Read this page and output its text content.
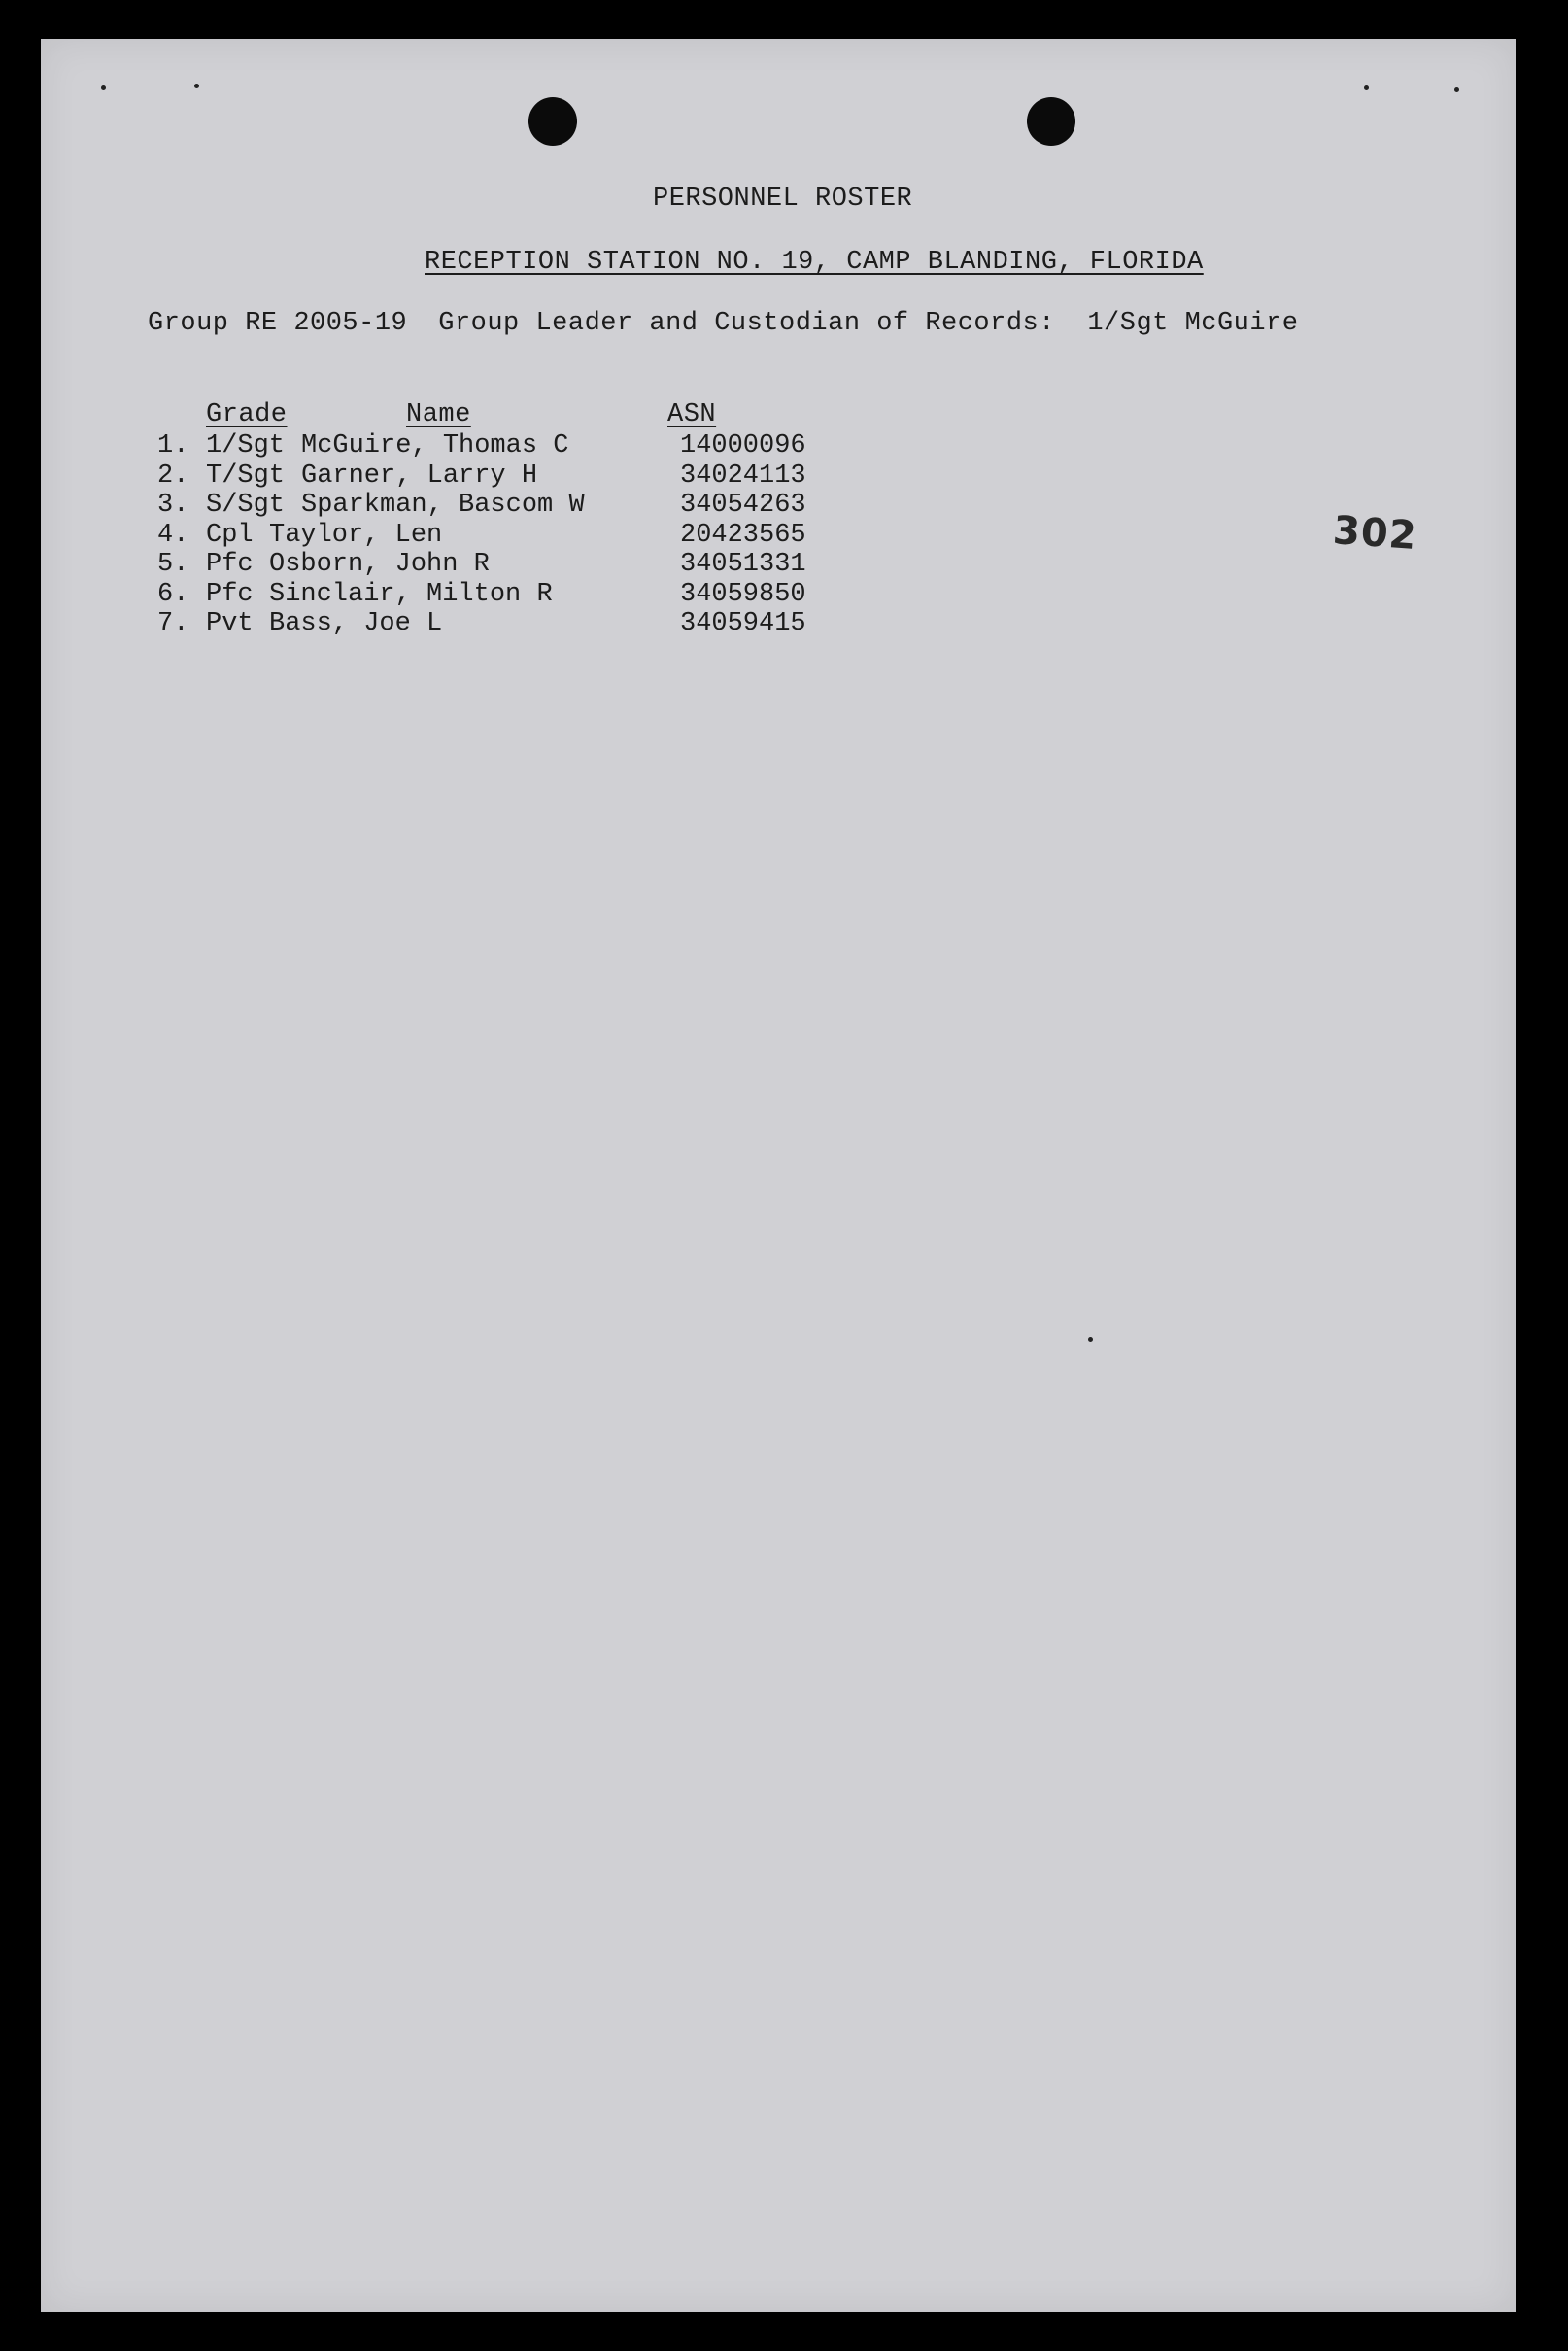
PERSONNEL ROSTER
RECEPTION STATION NO. 19, CAMP BLANDING, FLORIDA
Group RE 2005-19 Group Leader and Custodian of Records:  1/Sgt McGuire
Grade	Name	ASN
1. 1/Sgt McGuire, Thomas C	14000096
2. T/Sgt Garner, Larry H	34024113
3. S/Sgt Sparkman, Bascom W	34054263
4. Cpl Taylor, Len	20423565
5. Pfc Osborn, John R	34051331
6. Pfc Sinclair, Milton R	34059850
7. Pvt Bass, Joe L	34059415
302
